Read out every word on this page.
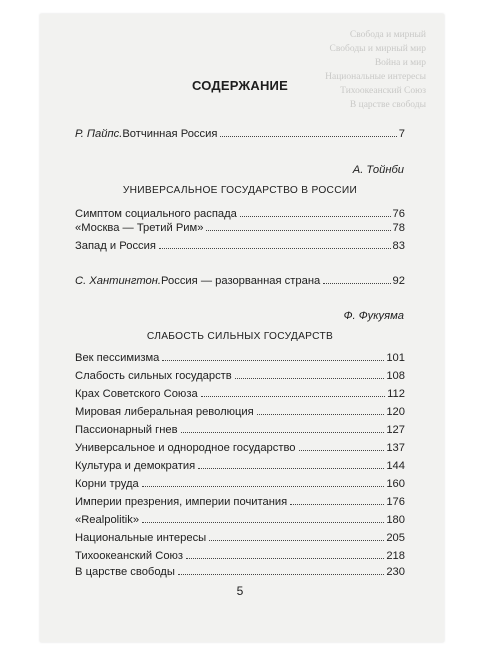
Свобода и мирный
Свободы и мирный мир
Война и мир
Национальные интересы
Тихоокеанский Союз
В царстве свободы
СОДЕРЖАНИЕ
Р. Пайпс. Вотчинная Россия	7
А. Тойнби
УНИВЕРСАЛЬНОЕ ГОСУДАРСТВО В РОССИИ
Симптом социального распада	76
«Москва — Третий Рим»	78
Запад и Россия	83
С. Хантингтон. Россия — разорванная страна	92
Ф. Фукуяма
СЛАБОСТЬ СИЛЬНЫХ ГОСУДАРСТВ
Век пессимизма	101
Слабость сильных государств	108
Крах Советского Союза	112
Мировая либеральная революция	120
Пассионарный гнев	127
Универсальное и однородное государство	137
Культура и демократия	144
Корни труда	160
Империи презрения, империи почитания	176
«Realpolitik»	180
Национальные интересы	205
Тихоокеанский Союз	218
В царстве свободы	230
5
